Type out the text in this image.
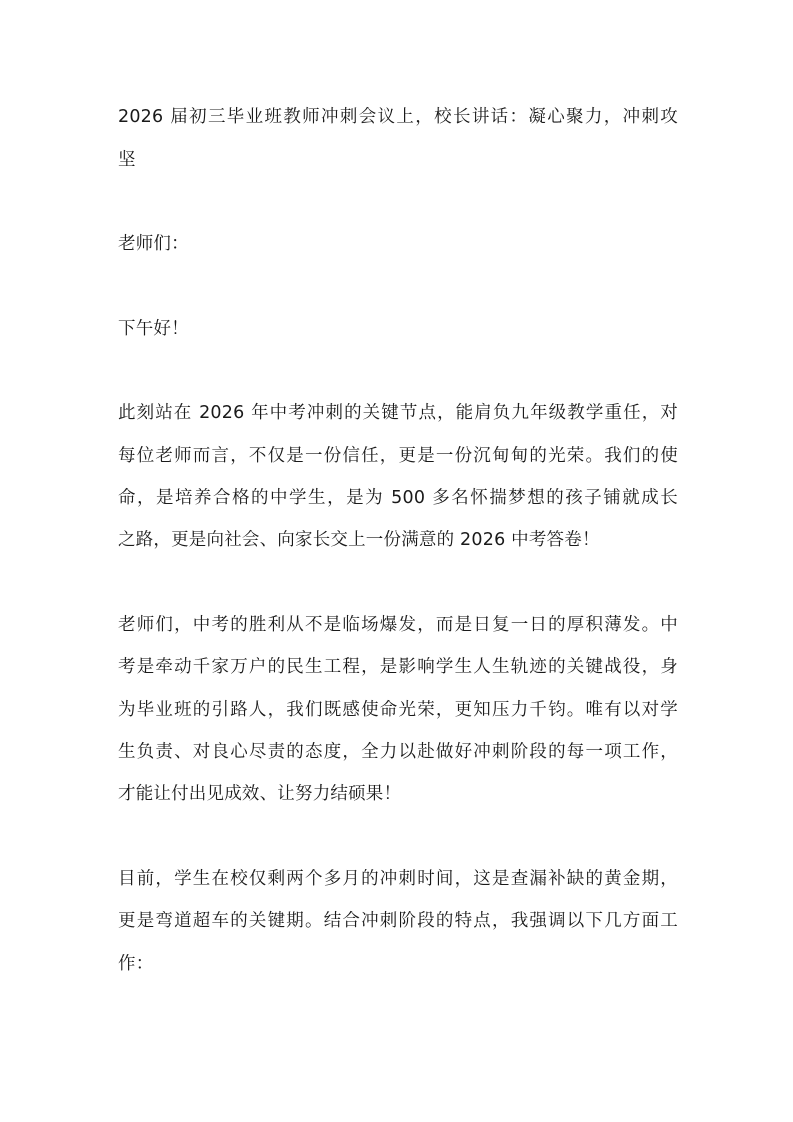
2026 届初三毕业班教师冲刺会议上，校长讲话：凝心聚力，冲刺攻
坚
老师们：
下午好！
此刻站在 2026 年中考冲刺的关键节点，能肩负九年级教学重任，对
每位老师而言，不仅是一份信任，更是一份沉甸甸的光荣。我们的使
命，是培养合格的中学生，是为 500 多名怀揣梦想的孩子铺就成长
之路，更是向社会、向家长交上一份满意的 2026 中考答卷！
老师们，中考的胜利从不是临场爆发，而是日复一日的厚积薄发。中
考是牵动千家万户的民生工程，是影响学生人生轨迹的关键战役，身
为毕业班的引路人，我们既感使命光荣，更知压力千钧。唯有以对学
生负责、对良心尽责的态度，全力以赴做好冲刺阶段的每一项工作，
才能让付出见成效、让努力结硕果！
目前，学生在校仅剩两个多月的冲刺时间，这是查漏补缺的黄金期，
更是弯道超车的关键期。结合冲刺阶段的特点，我强调以下几方面工
作：
